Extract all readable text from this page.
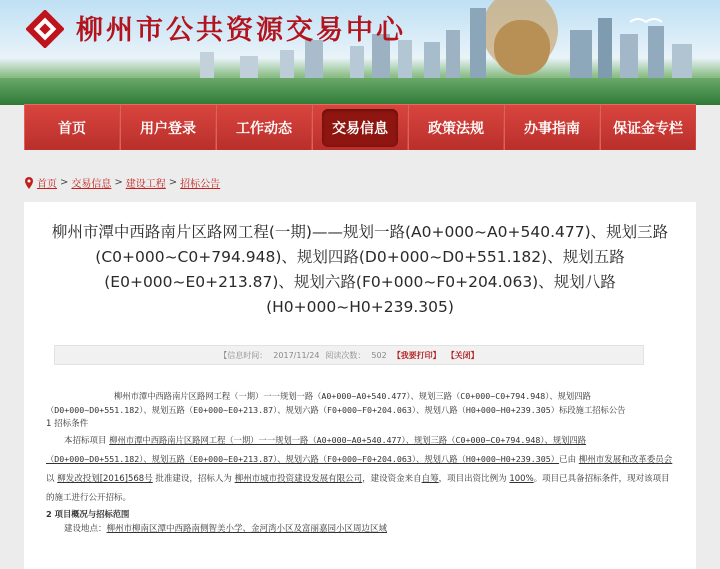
柳州市公共资源交易中心
首页	用户登录	工作动态	交易信息	政策法规	办事指南 保证金专栏
首页 > 交易信息 > 建设工程 > 招标公告
柳州市潭中西路南片区路网工程(一期)——规划一路(A0+000~A0+540.477)、规划三路(C0+000~C0+794.948)、规划四路(D0+000~D0+551.182)、规划五路(E0+000~E0+213.87)、规划六路(F0+000~F0+204.063)、规划八路(H0+000~H0+239.305)
【信息时间： 2017/11/24 阅读次数： 502 【我要打印】 【关闭】

柳州市潭中西路南片区路网工程（一期）一一规划一路（A0+000~A0+540.477）、规划三路（C0+000~C0+794.948）、规划四路（D0+000~D0+551.182）、规划五路（E0+000~E0+213.87）、规划六路（F0+000~F0+204.063）、规划八路（H0+000~H0+239.305）标段施工招标公告

1 招标条件

本招标项目 柳州市潭中西路南片区路网工程（一期）一一规划一路（A0+000~A0+540.477）、规划三路（C0+000~C0+794.948）、规划四路（D0+000~D0+551.182）、规划五路（E0+000~E0+213.87）、规划六路（F0+000~F0+204.063）、规划八路（H0+000~H0+239.305）已由 柳州市发展和改革委员会以 柳发改投划[2016]568号 批准建设，招标人为 柳州市城市投资建设发展有限公司，建设资金来自自筹，项目出资比例为 100%。项目已具备招标条件，现对该项目的施工进行公开招标。

2 项目概况与招标范围

建设地点：柳州市柳南区潭中西路南侧智美小学、金河湾小区及富丽嘉园小区周边区域
